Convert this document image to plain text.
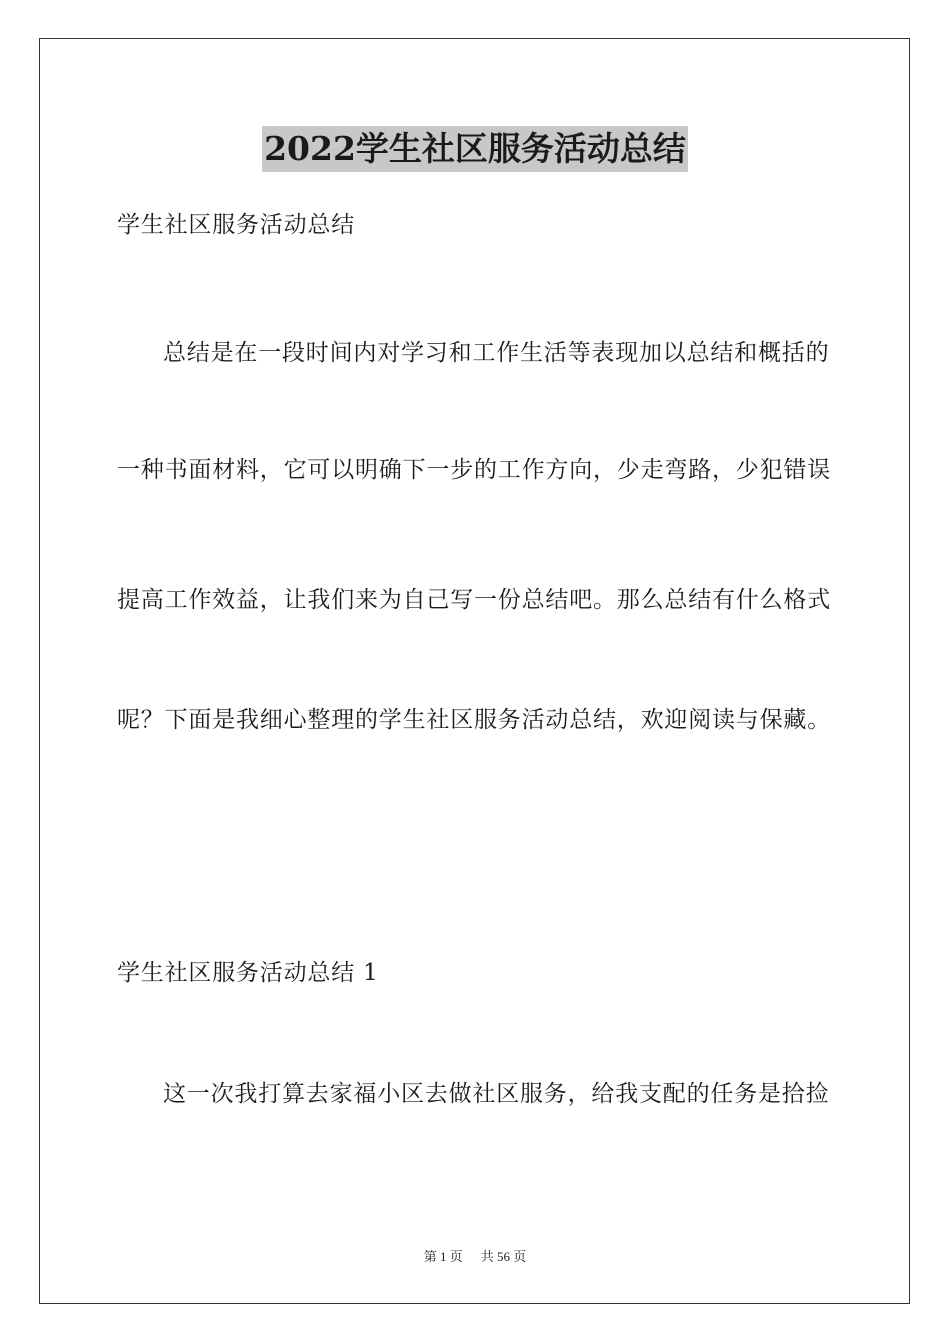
2022学生社区服务活动总结
学生社区服务活动总结
总结是在一段时间内对学习和工作生活等表现加以总结和概括的
一种书面材料，它可以明确下一步的工作方向，少走弯路，少犯错误
提高工作效益，让我们来为自己写一份总结吧。那么总结有什么格式
呢？下面是我细心整理的学生社区服务活动总结，欢迎阅读与保藏。
学生社区服务活动总结 1
这一次我打算去家福小区去做社区服务，给我支配的任务是拾捡
第 1 页 共 56 页
